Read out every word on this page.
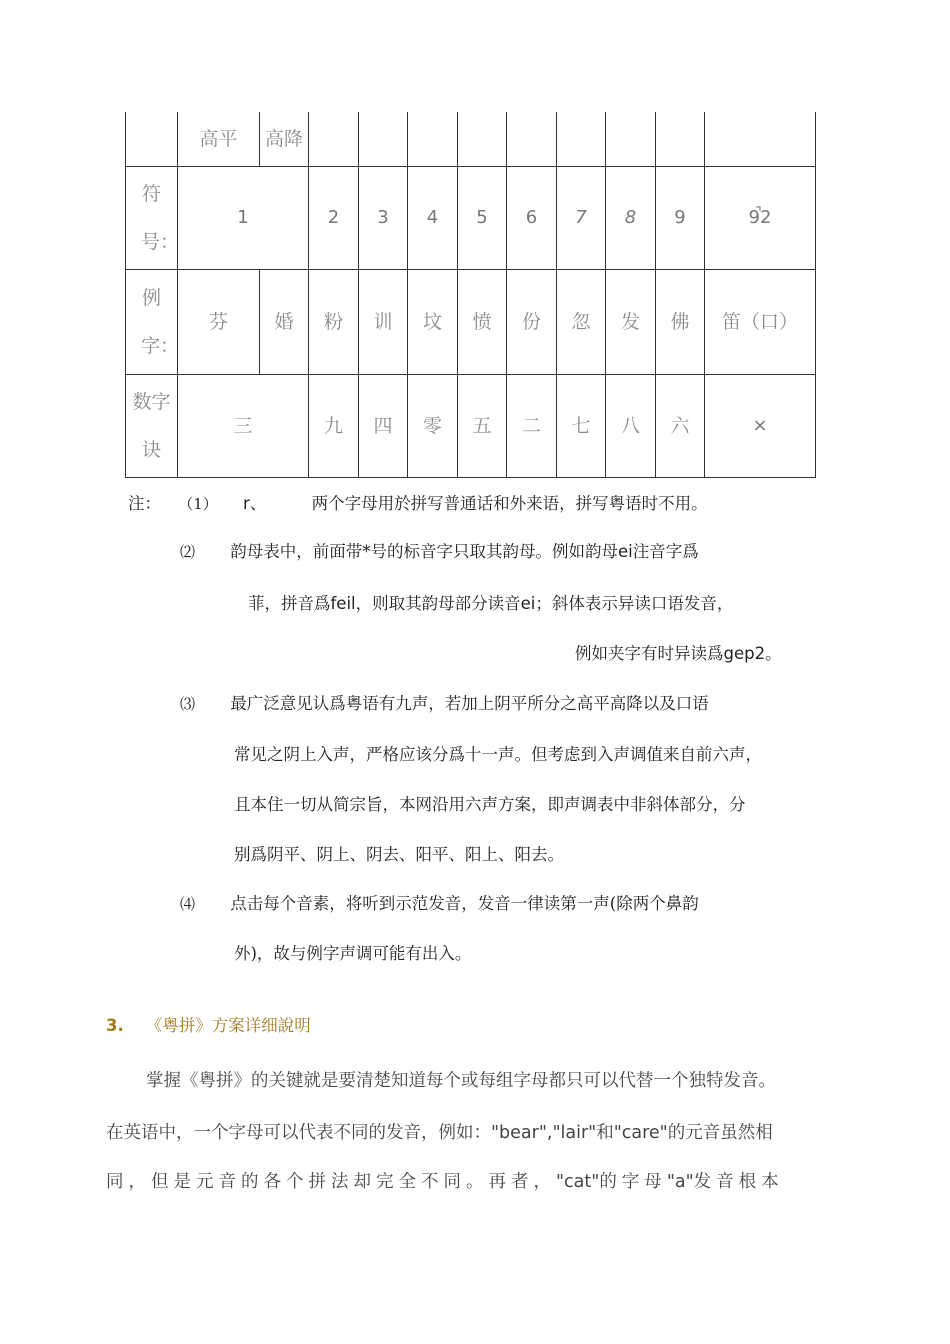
	高平	高降									
符
号：	1		2	3	4	5	6	7	8	9	9̚2
例
字：	芬	婚	粉	训	坟	愤	份	忽	发	佛	笛（口）
数字
诀	三		九	四	零	五	二	七	八	六	×
注： （1） r、	两个字母用於拼写普通话和外来语，拼写粤语时不用。
⑵ 韵母表中，前面带*号的标音字只取其韵母。例如韵母ei注音字爲
菲，拼音爲feil，则取其韵母部分读音ei；斜体表示异读口语发音，
例如夹字有时异读爲gep2。
⑶ 最广泛意见认爲粤语有九声，若加上阴平所分之高平高降以及口语
常见之阴上入声，严格应该分爲十一声。但考虑到入声调值来自前六声，
且本住一切从简宗旨，本网沿用六声方案，即声调表中非斜体部分，分
别爲阴平、阴上、阴去、阳平、阳上、阳去。
⑷ 点击每个音素，将听到示范发音，发音一律读第一声(除两个鼻韵
外)，故与例字声调可能有出入。
3. 《粤拼》方案详细說明
掌握《粤拼》的关键就是要清楚知道每个或每组字母都只可以代替一个独特发音。
在英语中，一个字母可以代表不同的发音，例如："bear","lair"和"care"的元音虽然相
同，但是元音的各个拼法却完全不同。再者，"cat"的字母"a"发音根本
